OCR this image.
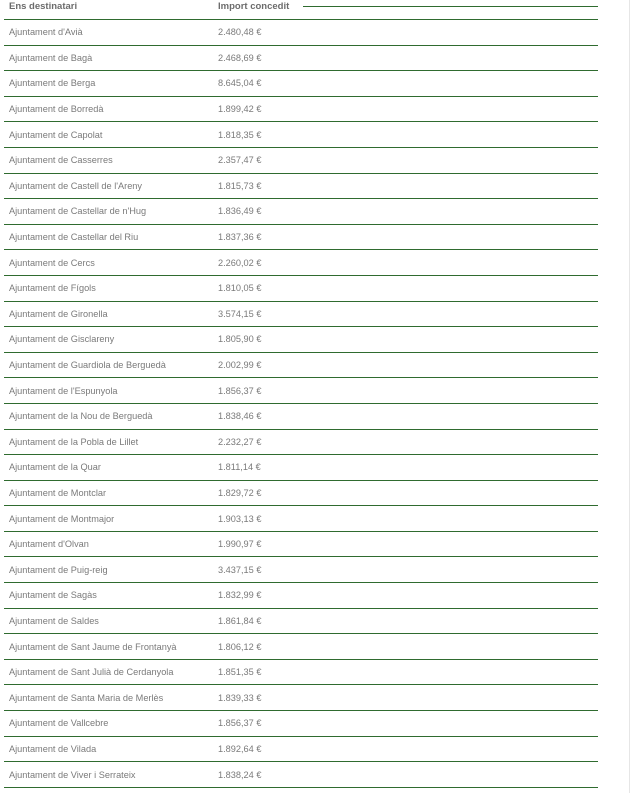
Ens destinatari	Import concedit

Ajuntament d'Avià	2.480,48 €
Ajuntament de Bagà	2.468,69 €
Ajuntament de Berga	8.645,04 €
Ajuntament de Borredà	1.899,42 €
Ajuntament de Capolat	1.818,35 €
Ajuntament de Casserres	2.357,47 €
Ajuntament de Castell de l'Areny	1.815,73 €
Ajuntament de Castellar de n'Hug	1.836,49 €
Ajuntament de Castellar del Riu	1.837,36 €
Ajuntament de Cercs	2.260,02 €
Ajuntament de Fígols	1.810,05 €
Ajuntament de Gironella	3.574,15 €
Ajuntament de Gisclareny	1.805,90 €
Ajuntament de Guardiola de Berguedà	2.002,99 €
Ajuntament de l'Espunyola	1.856,37 €
Ajuntament de la Nou de Berguedà	1.838,46 €
Ajuntament de la Pobla de Lillet	2.232,27 €
Ajuntament de la Quar	1.811,14 €
Ajuntament de Montclar	1.829,72 €
Ajuntament de Montmajor	1.903,13 €
Ajuntament d'Olvan	1.990,97 €
Ajuntament de Puig-reig	3.437,15 €
Ajuntament de Sagàs	1.832,99 €
Ajuntament de Saldes	1.861,84 €
Ajuntament de Sant Jaume de Frontanyà	1.806,12 €
Ajuntament de Sant Julià de Cerdanyola	1.851,35 €
Ajuntament de Santa Maria de Merlès	1.839,33 €
Ajuntament de Vallcebre	1.856,37 €
Ajuntament de Vilada	1.892,64 €
Ajuntament de Viver i Serrateix	1.838,24 €
